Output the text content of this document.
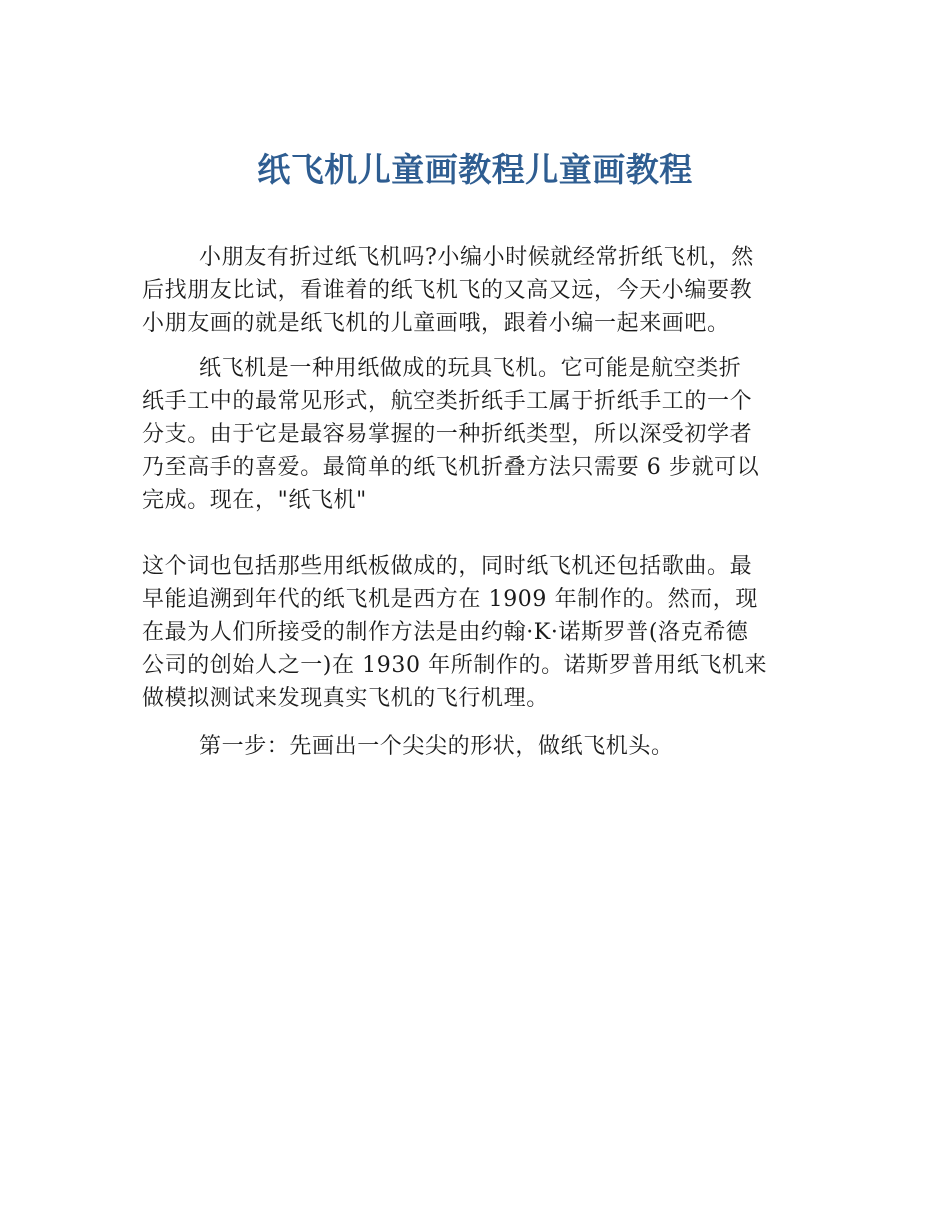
纸飞机儿童画教程儿童画教程
小朋友有折过纸飞机吗?小编小时候就经常折纸飞机，然
后找朋友比试，看谁着的纸飞机飞的又高又远，今天小编要教
小朋友画的就是纸飞机的儿童画哦，跟着小编一起来画吧。
纸飞机是一种用纸做成的玩具飞机。它可能是航空类折
纸手工中的最常见形式，航空类折纸手工属于折纸手工的一个
分支。由于它是最容易掌握的一种折纸类型，所以深受初学者
乃至高手的喜爱。最简单的纸飞机折叠方法只需要 6 步就可以
完成。现在，"纸飞机"
这个词也包括那些用纸板做成的，同时纸飞机还包括歌曲。最
早能追溯到年代的纸飞机是西方在 1909 年制作的。然而，现
在最为人们所接受的制作方法是由约翰·K·诺斯罗普(洛克希德
公司的创始人之一)在 1930 年所制作的。诺斯罗普用纸飞机来
做模拟测试来发现真实飞机的飞行机理。
第一步：先画出一个尖尖的形状，做纸飞机头。
